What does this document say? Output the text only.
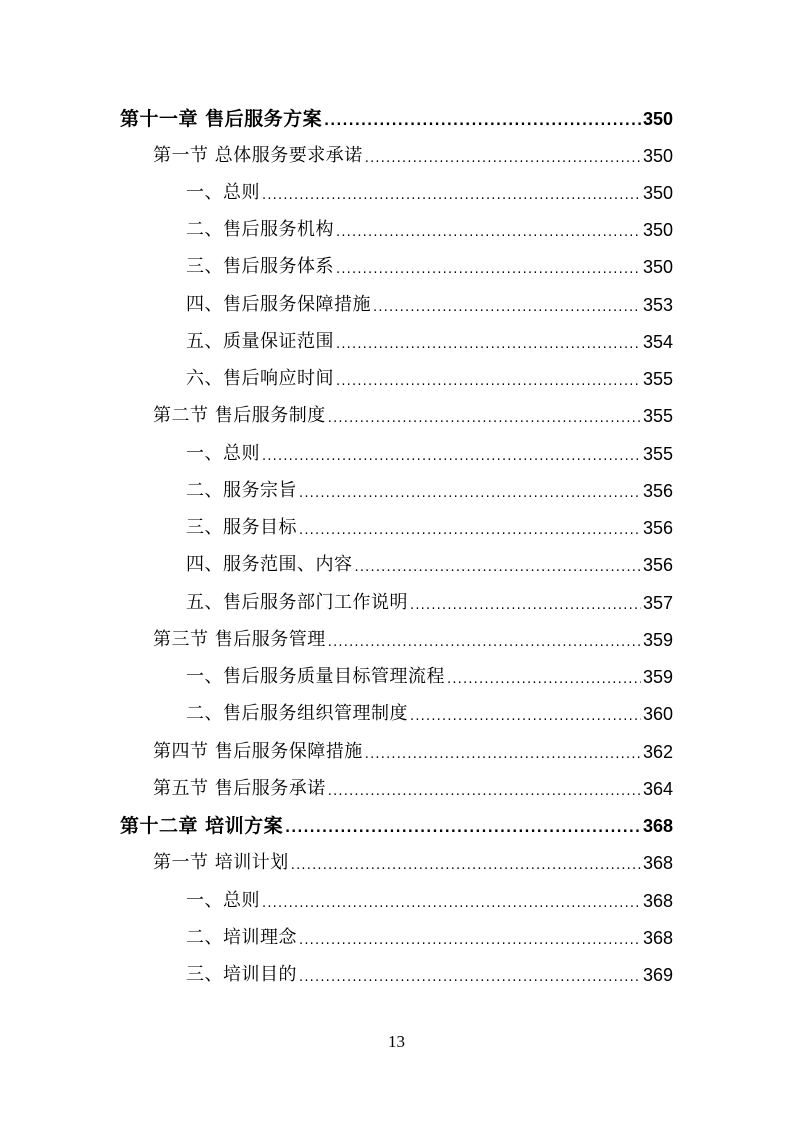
第十一章 售后服务方案 .....	350
第一节 总体服务要求承诺 .....	350
一、总则 .....	350
二、售后服务机构 .....	350
三、售后服务体系 .....	350
四、售后服务保障措施 .....	353
五、质量保证范围 .....	354
六、售后响应时间 .....	355
第二节 售后服务制度 .....	355
一、总则 .....	355
二、服务宗旨 .....	356
三、服务目标 .....	356
四、服务范围、内容 .....	356
五、售后服务部门工作说明 .....	357
第三节 售后服务管理 .....	359
一、售后服务质量目标管理流程 .....	359
二、售后服务组织管理制度 .....	360
第四节 售后服务保障措施 .....	362
第五节 售后服务承诺 .....	364
第十二章 培训方案 .....	368
第一节 培训计划 .....	368
一、总则 .....	368
二、培训理念 .....	368
三、培训目的 .....	369
13
